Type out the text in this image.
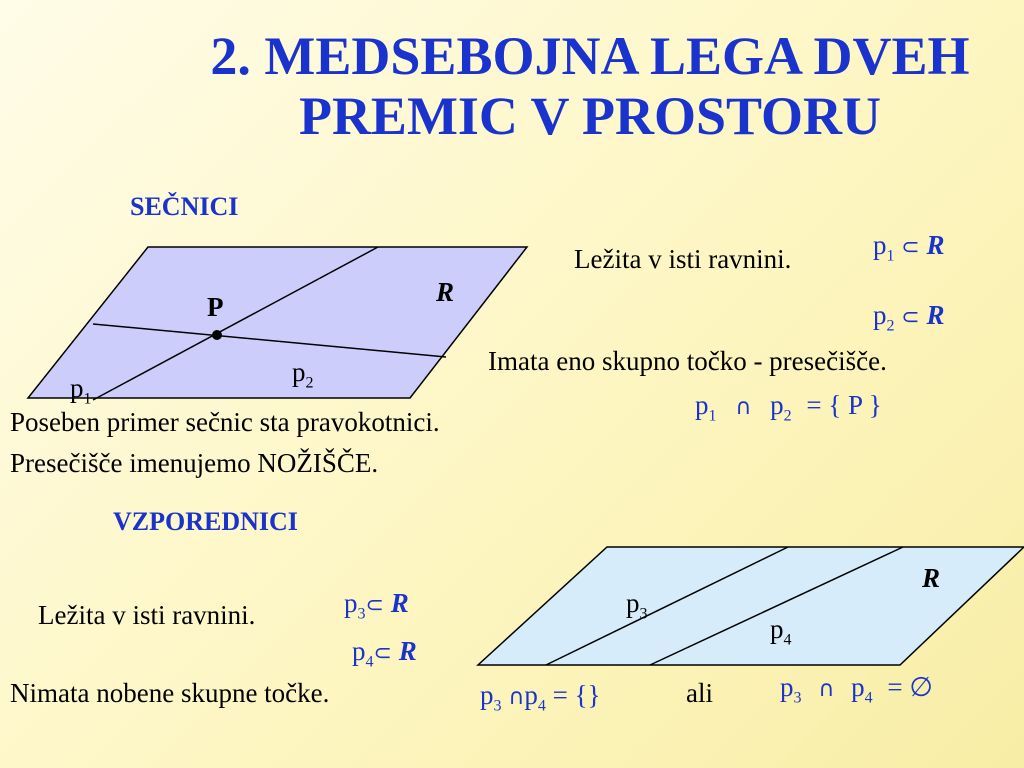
2. MEDSEBOJNA LEGA DVEH
PREMIC V PROSTORU
SEČNICI
R
P
$p_2$
$p_1$
Ležita v isti ravnini.	$p_1$ ⊂ R
$p_2$ ⊂ R
Imata eno skupno točko - presečišče.
$p_1$ ∩ $p_2$ = { P }
Poseben primer sečnic sta pravokotnici.
Presečišče imenujemo NOŽIŠČE.
VZPOREDNICI
R
$p_3$
$p_4$
Ležita v isti ravnini.	$p_3\subset$ R
$p_4\subset$ R
Nimata nobene skupne točke.	$p_3$ $\cap p_4$ = {}	ali $p_3$ ∩ $p_4$ = ∅
